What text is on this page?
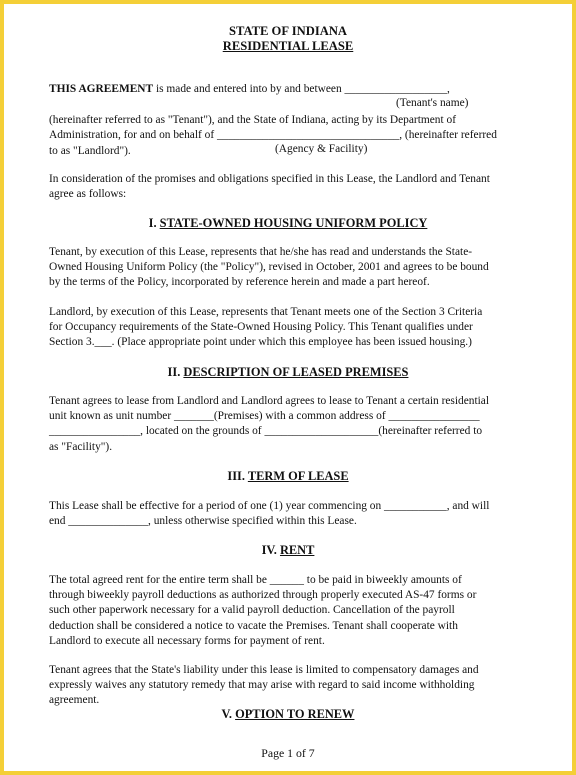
STATE OF INDIANA
RESIDENTIAL LEASE
THIS AGREEMENT is made and entered into by and between __________________,
(hereinafter referred to as "Tenant"), and the State of Indiana, acting by its Department of
Administration, for and on behalf of ________________________________, (hereinafter referred
to as "Landlord").
(Tenant's name)
(Agency & Facility)
In consideration of the promises and obligations specified in this Lease, the Landlord and Tenant
agree as follows:
I. STATE-OWNED HOUSING UNIFORM POLICY
Tenant, by execution of this Lease, represents that he/she has read and understands the State-
Owned Housing Uniform Policy (the "Policy"), revised in October, 2001 and agrees to be bound
by the terms of the Policy, incorporated by reference herein and made a part hereof.
Landlord, by execution of this Lease, represents that Tenant meets one of the Section 3 Criteria
for Occupancy requirements of the State-Owned Housing Policy. This Tenant qualifies under
Section 3.___. (Place appropriate point under which this employee has been issued housing.)
II. DESCRIPTION OF LEASED PREMISES
Tenant agrees to lease from Landlord and Landlord agrees to lease to Tenant a certain residential
unit known as unit number _______(Premises) with a common address of ________________
________________, located on the grounds of ____________________(hereinafter referred to
as "Facility").
III. TERM OF LEASE
This Lease shall be effective for a period of one (1) year commencing on ___________, and will
end ______________, unless otherwise specified within this Lease.
IV. RENT
The total agreed rent for the entire term shall be ______ to be paid in biweekly amounts of
through biweekly payroll deductions as authorized through properly executed AS-47 forms or
such other paperwork necessary for a valid payroll deduction. Cancellation of the payroll
deduction shall be considered a notice to vacate the Premises. Tenant shall cooperate with
Landlord to execute all necessary forms for payment of rent.
Tenant agrees that the State's liability under this lease is limited to compensatory damages and
expressly waives any statutory remedy that may arise with regard to said income withholding
agreement.
V. OPTION TO RENEW
Page 1 of 7
